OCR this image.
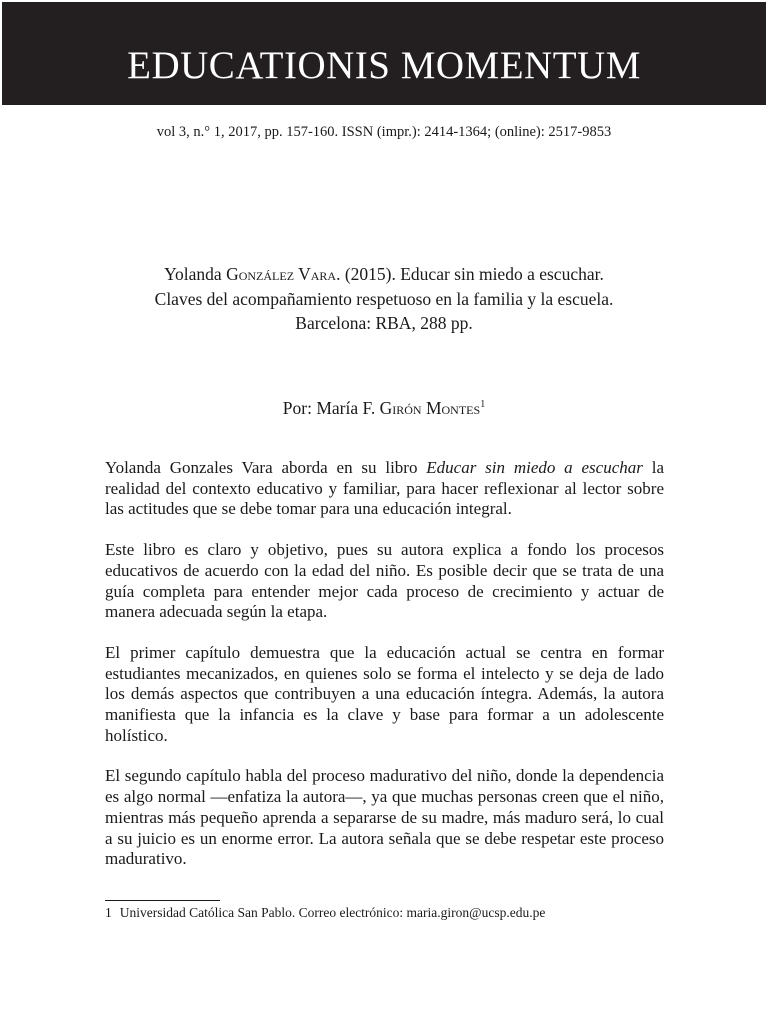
EDUCATIONIS MOMENTUM
vol 3, n.° 1, 2017, pp. 157-160. ISSN (impr.): 2414-1364; (online): 2517-9853
Yolanda González Vara. (2015). Educar sin miedo a escuchar.
Claves del acompañamiento respetuoso en la familia y la escuela.
Barcelona: RBA, 288 pp.
Por: María F. Girón Montes$^1$

Yolanda Gonzales Vara aborda en su libro Educar sin miedo a escuchar la realidad del contexto educativo y familiar, para hacer reflexionar al lector sobre las actitudes que se debe tomar para una educación integral.

Este libro es claro y objetivo, pues su autora explica a fondo los procesos educativos de acuerdo con la edad del niño. Es posible decir que se trata de una guía completa para entender mejor cada proceso de crecimiento y actuar de manera adecuada según la etapa.

El primer capítulo demuestra que la educación actual se centra en formar estudiantes mecanizados, en quienes solo se forma el intelecto y se deja de lado los demás aspectos que contribuyen a una educación íntegra. Además, la autora manifiesta que la infancia es la clave y base para formar a un adolescente holístico.

El segundo capítulo habla del proceso madurativo del niño, donde la dependencia es algo normal —enfatiza la autora—, ya que muchas personas creen que el niño, mientras más pequeño aprenda a separarse de su madre, más maduro será, lo cual a su juicio es un enorme error. La autora señala que se debe respetar este proceso madurativo.

1 Universidad Católica San Pablo. Correo electrónico: maria.giron@ucsp.edu.pe
